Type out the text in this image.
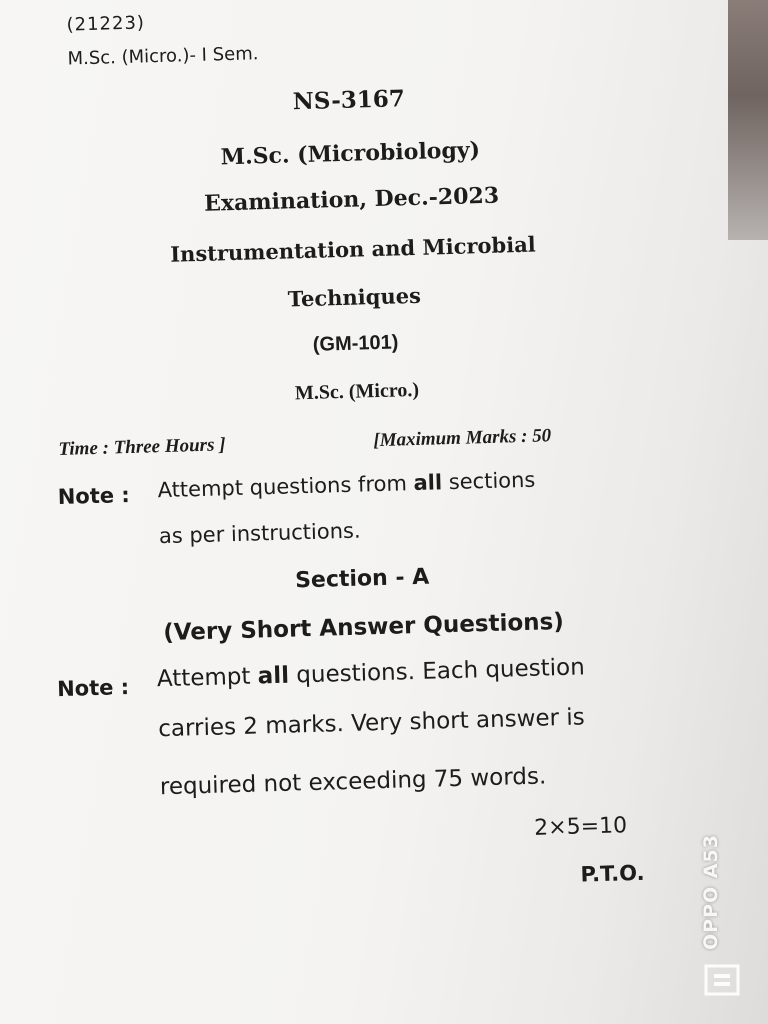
(21223)
M.Sc. (Micro.)- I Sem.
NS-3167
M.Sc. (Microbiology)
Examination, Dec.-2023
Instrumentation and Microbial
Techniques
(GM-101)
M.Sc. (Micro.)
Time : Three Hours ]	[Maximum Marks : 50
Note : Attempt questions from all sections
as per instructions.
Section - A
(Very Short Answer Questions)
Note : Attempt all questions. Each question
carries 2 marks. Very short answer is
required not exceeding 75 words.
2×5=10
P.T.O.	OPPO A53
